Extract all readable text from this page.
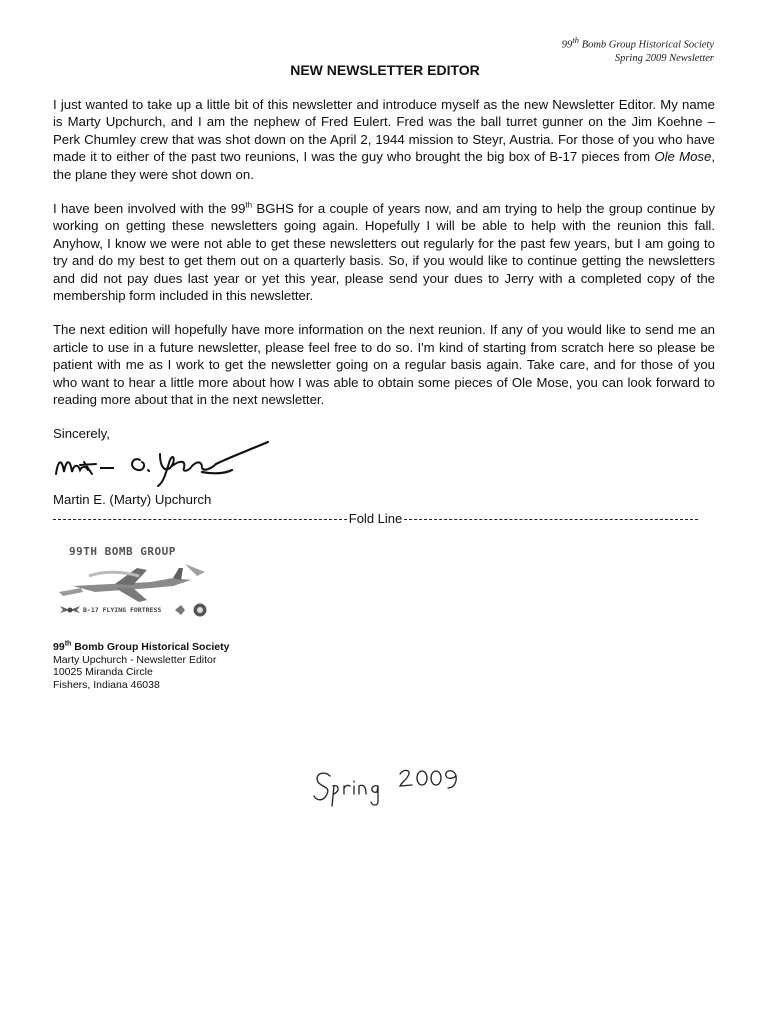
99th Bomb Group Historical Society
Spring 2009 Newsletter
NEW NEWSLETTER EDITOR

I just wanted to take up a little bit of this newsletter and introduce myself as the new Newsletter Editor. My name is Marty Upchurch, and I am the nephew of Fred Eulert. Fred was the ball turret gunner on the Jim Koehne – Perk Chumley crew that was shot down on the April 2, 1944 mission to Steyr, Austria. For those of you who have made it to either of the past two reunions, I was the guy who brought the big box of B-17 pieces from Ole Mose, the plane they were shot down on.

I have been involved with the 99th BGHS for a couple of years now, and am trying to help the group continue by working on getting these newsletters going again. Hopefully I will be able to help with the reunion this fall. Anyhow, I know we were not able to get these newsletters out regularly for the past few years, but I am going to try and do my best to get them out on a quarterly basis. So, if you would like to continue getting the newsletters and did not pay dues last year or yet this year, please send your dues to Jerry with a completed copy of the membership form included in this newsletter.

The next edition will hopefully have more information on the next reunion. If any of you would like to send me an article to use in a future newsletter, please feel free to do so. I'm kind of starting from scratch here so please be patient with me as I work to get the newsletter going on a regular basis again. Take care, and for those of you who want to hear a little more about how I was able to obtain some pieces of Ole Mose, you can look forward to reading more about that in the next newsletter.

Sincerely,
Martin E. (Marty) Upchurch
Fold Line
99TH BOMB GROUP
B-17 FLYING FORTRESS
99th Bomb Group Historical Society
Marty Upchurch - Newsletter Editor
10025 Miranda Circle
Fishers, Indiana 46038
